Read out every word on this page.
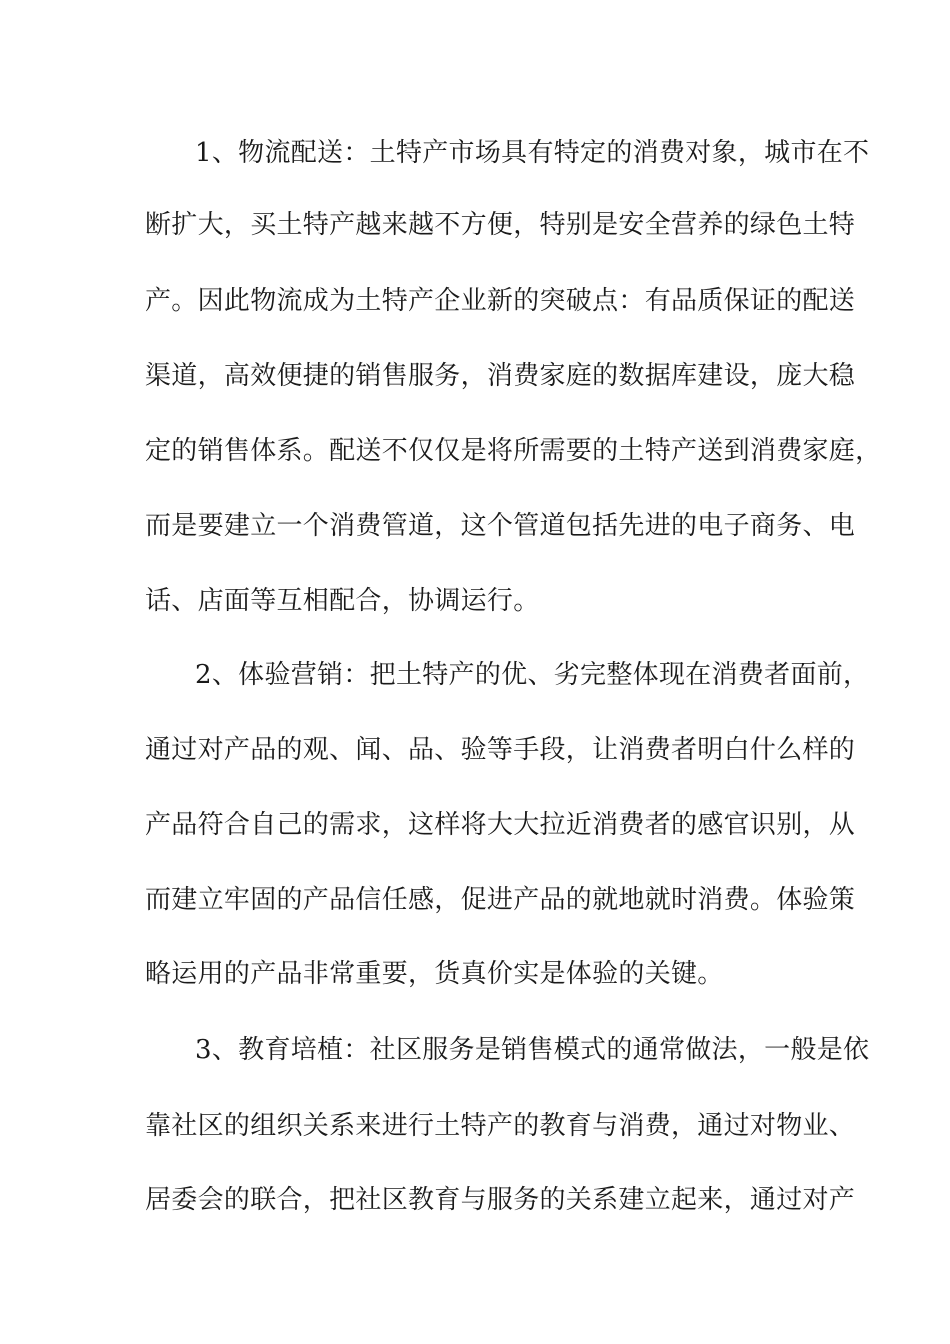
1、物流配送：土特产市场具有特定的消费对象，城市在不
断扩大，买土特产越来越不方便，特别是安全营养的绿色土特
产。因此物流成为土特产企业新的突破点：有品质保证的配送
渠道，高效便捷的销售服务，消费家庭的数据库建设，庞大稳
定的销售体系。配送不仅仅是将所需要的土特产送到消费家庭，
而是要建立一个消费管道，这个管道包括先进的电子商务、电
话、店面等互相配合，协调运行。
2、体验营销：把土特产的优、劣完整体现在消费者面前，
通过对产品的观、闻、品、验等手段，让消费者明白什么样的
产品符合自己的需求，这样将大大拉近消费者的感官识别，从
而建立牢固的产品信任感，促进产品的就地就时消费。体验策
略运用的产品非常重要，货真价实是体验的关键。
3、教育培植：社区服务是销售模式的通常做法，一般是依
靠社区的组织关系来进行土特产的教育与消费，通过对物业、
居委会的联合，把社区教育与服务的关系建立起来，通过对产
